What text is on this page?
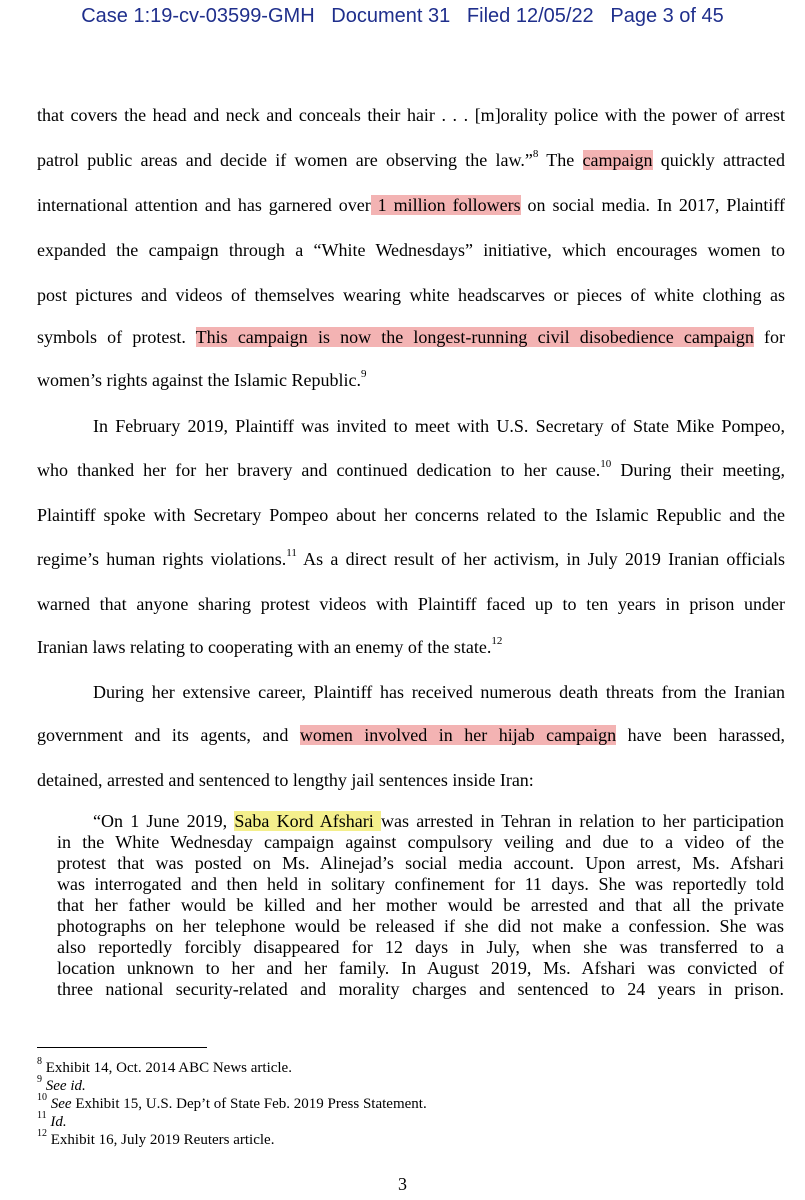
Case 1:19-cv-03599-GMH   Document 31   Filed 12/05/22   Page 3 of 45
that covers the head and neck and conceals their hair . . . [m]orality police with the power of arrest
patrol public areas and decide if women are observing the law.”$^8$ The campaign quickly attracted
international attention and has garnered over 1 million followers on social media. In 2017, Plaintiff
expanded the campaign through a “White Wednesdays” initiative, which encourages women to
post pictures and videos of themselves wearing white headscarves or pieces of white clothing as
symbols of protest. This campaign is now the longest-running civil disobedience campaign for
women’s rights against the Islamic Republic.$^9$
In February 2019, Plaintiff was invited to meet with U.S. Secretary of State Mike Pompeo,
who thanked her for her bravery and continued dedication to her cause.$^{10}$ During their meeting,
Plaintiff spoke with Secretary Pompeo about her concerns related to the Islamic Republic and the
regime’s human rights violations.$^{11}$ As a direct result of her activism, in July 2019 Iranian officials
warned that anyone sharing protest videos with Plaintiff faced up to ten years in prison under
Iranian laws relating to cooperating with an enemy of the state.$^{12}$
During her extensive career, Plaintiff has received numerous death threats from the Iranian
government and its agents, and women involved in her hijab campaign have been harassed,
detained, arrested and sentenced to lengthy jail sentences inside Iran:
“On 1 June 2019, Saba Kord Afshari was arrested in Tehran in relation to her participation
in the White Wednesday campaign against compulsory veiling and due to a video of the
protest that was posted on Ms. Alinejad’s social media account. Upon arrest, Ms. Afshari
was interrogated and then held in solitary confinement for 11 days. She was reportedly told
that her father would be killed and her mother would be arrested and that all the private
photographs on her telephone would be released if she did not make a confession. She was
also reportedly forcibly disappeared for 12 days in July, when she was transferred to a
location unknown to her and her family. In August 2019, Ms. Afshari was convicted of
three national security-related and morality charges and sentenced to 24 years in prison.
$^8$ Exhibit 14, Oct. 2014 ABC News article.
$^9$ See id.
$^{10}$ See Exhibit 15, U.S. Dep’t of State Feb. 2019 Press Statement.
$^{11}$ Id.
$^{12}$ Exhibit 16, July 2019 Reuters article.
3
